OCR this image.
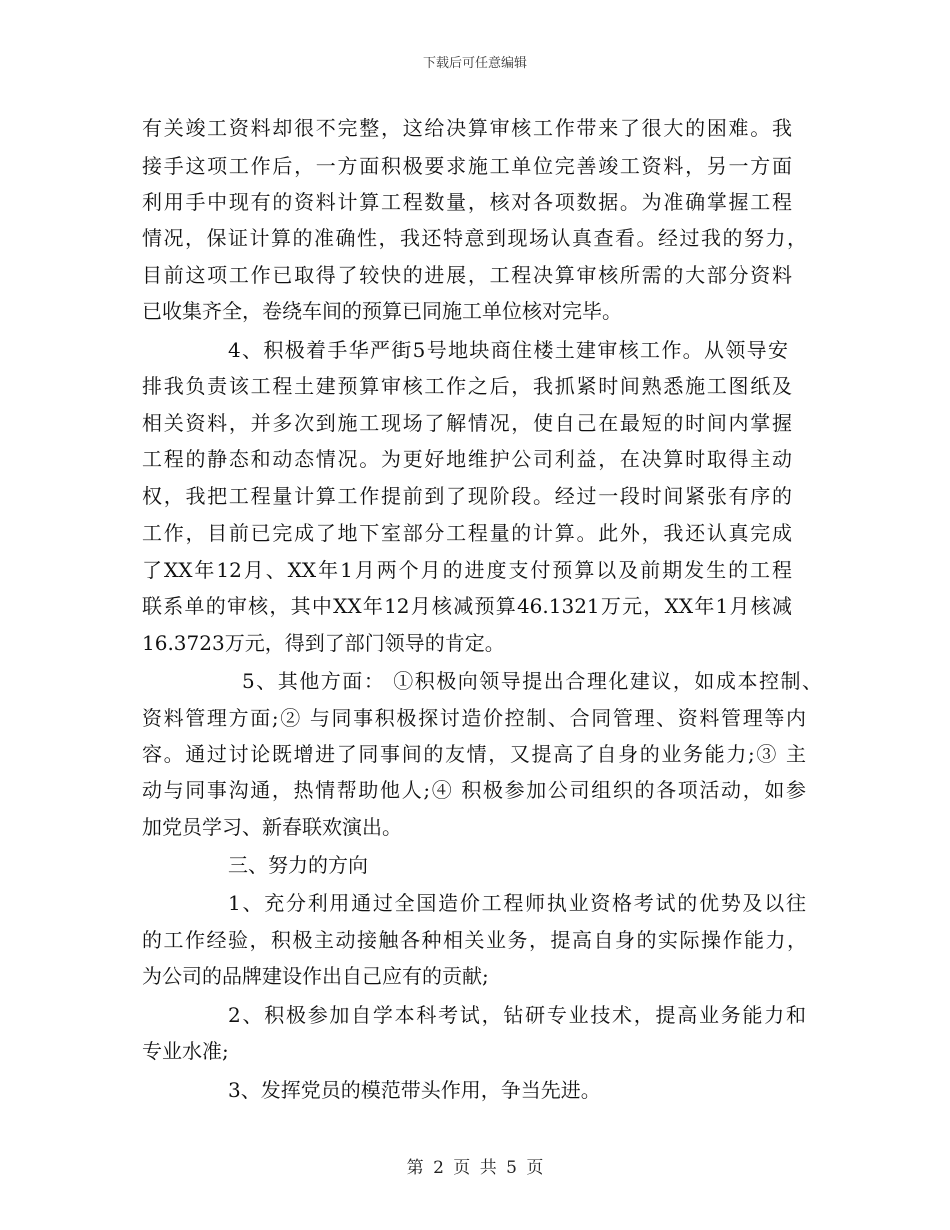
下载后可任意编辑
有关竣工资料却很不完整，这给决算审核工作带来了很大的困难。我
接手这项工作后，一方面积极要求施工单位完善竣工资料，另一方面
利用手中现有的资料计算工程数量，核对各项数据。为准确掌握工程
情况，保证计算的准确性，我还特意到现场认真查看。经过我的努力，
目前这项工作已取得了较快的进展，工程决算审核所需的大部分资料
已收集齐全，卷绕车间的预算已同施工单位核对完毕。
4、积极着手华严街5号地块商住楼土建审核工作。从领导安
排我负责该工程土建预算审核工作之后，我抓紧时间熟悉施工图纸及
相关资料，并多次到施工现场了解情况，使自己在最短的时间内掌握
工程的静态和动态情况。为更好地维护公司利益，在决算时取得主动
权，我把工程量计算工作提前到了现阶段。经过一段时间紧张有序的
工作，目前已完成了地下室部分工程量的计算。此外，我还认真完成
了XX年12月、XX年1月两个月的进度支付预算以及前期发生的工程
联系单的审核，其中XX年12月核减预算46.1321万元，XX年1月核减
16.3723万元，得到了部门领导的肯定。
5、其他方面： ①积极向领导提出合理化建议，如成本控制、
资料管理方面;② 与同事积极探讨造价控制、合同管理、资料管理等内
容。通过讨论既增进了同事间的友情，又提高了自身的业务能力;③ 主
动与同事沟通，热情帮助他人;④ 积极参加公司组织的各项活动，如参
加党员学习、新春联欢演出。
三、努力的方向
1、充分利用通过全国造价工程师执业资格考试的优势及以往
的工作经验，积极主动接触各种相关业务，提高自身的实际操作能力，
为公司的品牌建设作出自己应有的贡献;
2、积极参加自学本科考试，钻研专业技术，提高业务能力和
专业水准;
3、发挥党员的模范带头作用，争当先进。
第 2 页 共 5 页
